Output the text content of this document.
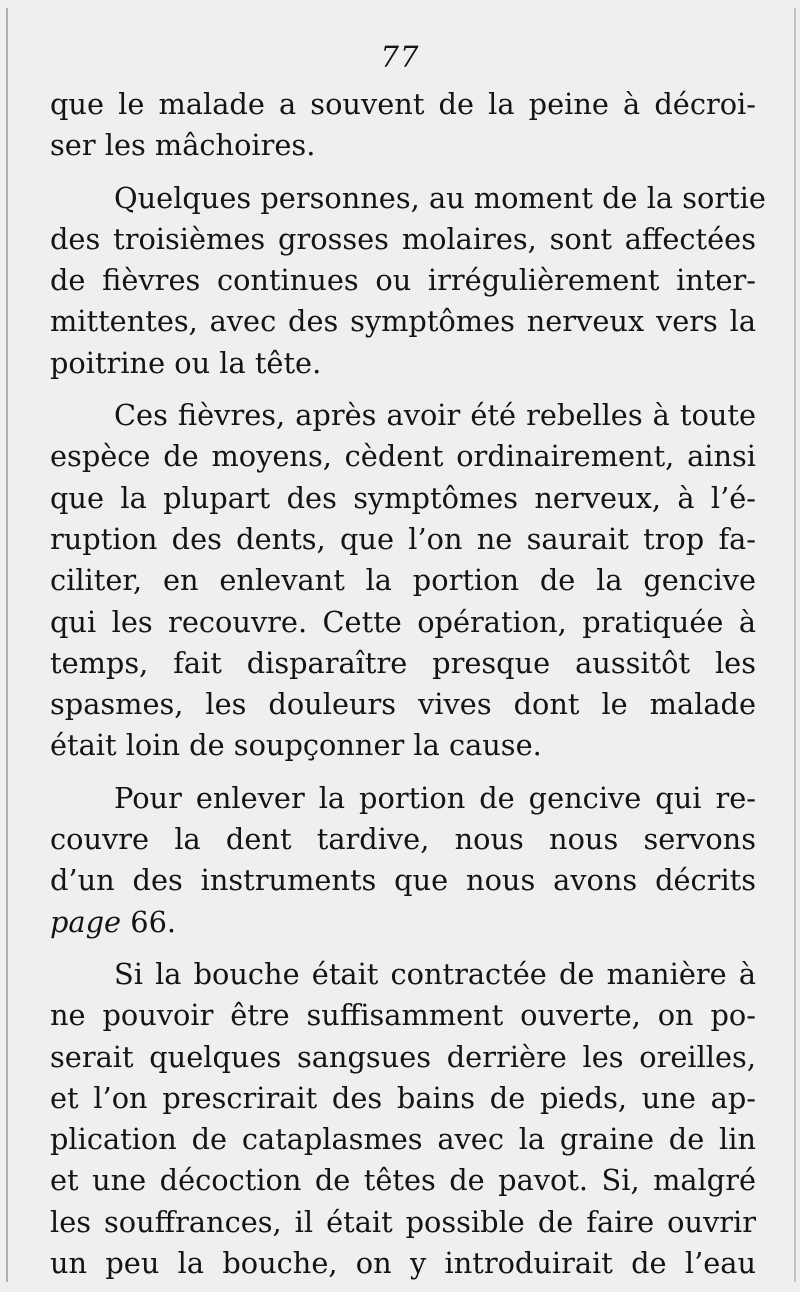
77
que le malade a souvent de la peine à décroi-
ser les mâchoires.
Quelques personnes, au moment de la sortie
des troisièmes grosses molaires, sont affectées
de fièvres continues ou irrégulièrement inter-
mittentes, avec des symptômes nerveux vers la
poitrine ou la tête.
Ces fièvres, après avoir été rebelles à toute
espèce de moyens, cèdent ordinairement, ainsi
que la plupart des symptômes nerveux, à l’é-
ruption des dents, que l’on ne saurait trop fa-
ciliter, en enlevant la portion de la gencive
qui les recouvre. Cette opération, pratiquée à
temps, fait disparaître presque aussitôt les
spasmes, les douleurs vives dont le malade
était loin de soupçonner la cause.
Pour enlever la portion de gencive qui re-
couvre la dent tardive, nous nous servons
d’un des instruments que nous avons décrits
page 66.
Si la bouche était contractée de manière à
ne pouvoir être suffisamment ouverte, on po-
serait quelques sangsues derrière les oreilles,
et l’on prescrirait des bains de pieds, une ap-
plication de cataplasmes avec la graine de lin
et une décoction de têtes de pavot. Si, malgré
les souffrances, il était possible de faire ouvrir
un peu la bouche, on y introduirait de l’eau
